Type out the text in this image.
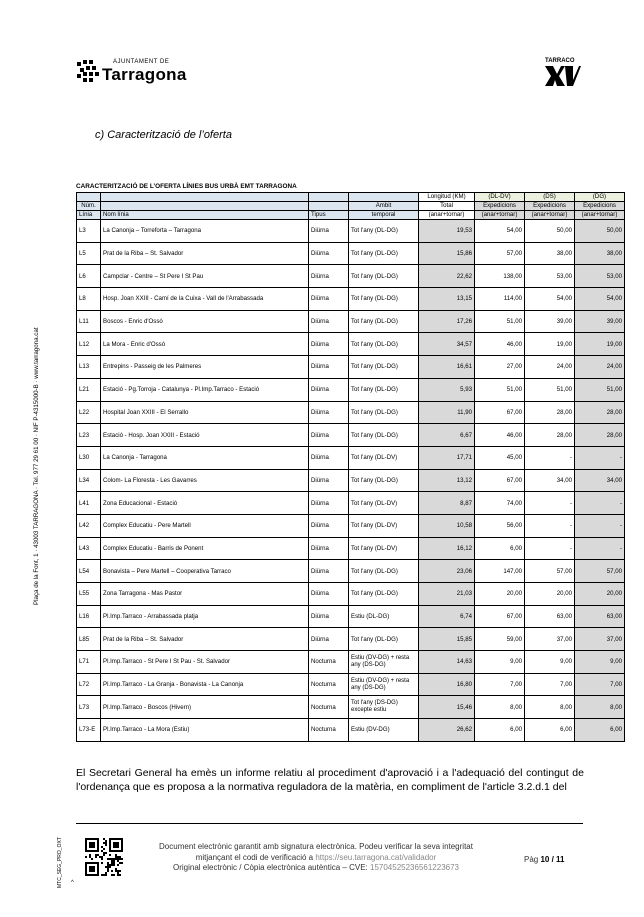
AJUNTAMENT DE
Tarragona
TARRACO
c) Caracterització de l’oferta
Plaça de la Font, 1 · 43003 TARRAGONA · Tel. 977 29 61 00 · NIF P-4315000-B · www.tarragona.cat
CARACTERITZACIÓ DE L’OFERTA LÍNIES BUS URBÀ EMT TARRAGONA
				Longitud (KM)	(DL-DV)	(DS)	(DG)
Núm.			Àmbit	Total	Expedicions	Expedicions	Expedicions
Línia	Nom línia	Tipus	temporal	(anar+tornar)	(anar+tornar)	(anar+tornar)	(anar+tornar)
L3	La Canonja – Torreforta – Tarragona	Diürna	Tot l'any (DL-DG)	19,53	54,00	50,00	50,00
L5	Prat de la Riba – St. Salvador	Diürna	Tot l'any (DL-DG)	15,86	57,00	38,00	38,00
L6	Campclar - Centre – St Pere I St Pau	Diürna	Tot l'any (DL-DG)	22,62	138,00	53,00	53,00
L8	Hosp. Joan XXIII - Camí de la Cuixa - Vall de l'Arrabassada	Diürna	Tot l'any (DL-DG)	13,15	114,00	54,00	54,00
L11	Boscos - Enric d'Ossó	Diürna	Tot l'any (DL-DG)	17,26	51,00	39,00	39,00
L12	La Mora - Enric d'Ossó	Diürna	Tot l'any (DL-DG)	34,57	46,00	19,00	19,00
L13	Entrepins - Passeig de les Palmeres	Diürna	Tot l'any (DL-DG)	16,61	27,00	24,00	24,00
L21	Estació - Pg.Torroja - Catalunya - Pl.Imp.Tarraco - Estació	Diürna	Tot l'any (DL-DG)	5,93	51,00	51,00	51,00
L22	Hospital Joan XXIII - El Serrallo	Diürna	Tot l'any (DL-DG)	11,90	67,00	28,00	28,00
L23	Estació - Hosp. Joan XXIII - Estació	Diürna	Tot l'any (DL-DG)	6,67	46,00	28,00	28,00
L30	La Canonja - Tarragona	Diürna	Tot l'any (DL-DV)	17,71	45,00	-	-
L34	Colom- La Floresta - Les Gavarres	Diürna	Tot l'any (DL-DG)	13,12	67,00	34,00	34,00
L41	Zona Educacional - Estació	Diürna	Tot l'any (DL-DV)	8,87	74,00	-	-
L42	Complex Educatiu - Pere Martell	Diürna	Tot l'any (DL-DV)	10,58	56,00	-	-
L43	Complex Educatiu - Barris de Ponent	Diürna	Tot l'any (DL-DV)	16,12	6,00	-	-
L54	Bonavista – Pere Martell – Cooperativa Tarraco	Diürna	Tot l'any (DL-DG)	23,06	147,00	57,00	57,00
L55	Zona Tarragona - Mas Pastor	Diürna	Tot l'any (DL-DG)	21,03	20,00	20,00	20,00
L16	Pl.Imp.Tarraco - Arrabassada platja	Diürna	Estiu (DL-DG)	6,74	67,00	63,00	63,00
L85	Prat de la Riba – St. Salvador	Diürna	Tot l'any (DL-DG)	15,85	59,00	37,00	37,00
L71	Pl.Imp.Tarraco - St Pere I St Pau - St. Salvador	Nocturna	Estiu (DV-DG) + resta any (DS-DG)	14,63	9,00	9,00	9,00
L72	Pl.Imp.Tarraco - La Granja - Bonavista - La Canonja	Nocturna	Estiu (DV-DG) + resta any (DS-DG)	16,80	7,00	7,00	7,00
L73	Pl.Imp.Tarraco - Boscos (Hivern)	Nocturna	Tot l'any (DS-DG) excepte estiu	15,46	8,00	8,00	8,00
L73-E	Pl.Imp.Tarraco - La Mora (Estiu)	Nocturna	Estiu (DV-DG)	26,62	6,00	6,00	6,00
El Secretari General ha emès un informe relatiu al procediment d'aprovació i a l'adequació del contingut de l'ordenança que es proposa a la normativa reguladora de la matèria, en compliment de l'article 3.2.d.1 del
MTC_SEG_PRO_OXT	Document electrònic garantit amb signatura electrònica. Podeu verificar la seva integritat
mitjançant el codi de verificació a https://seu.tarragona.cat/validador
Original electrònic / Còpia electrònica autèntica – CVE: 15704525236561223673
Pàg 10 / 11
^
